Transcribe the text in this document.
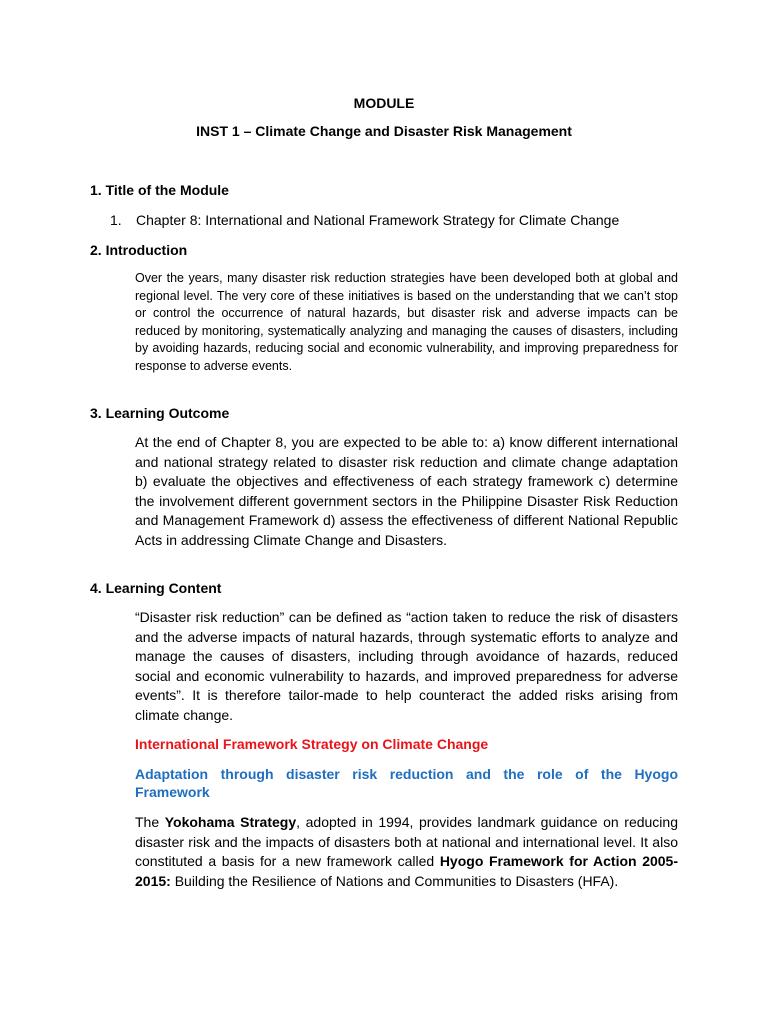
MODULE
INST 1 – Climate Change and Disaster Risk Management
1. Title of the Module
1. Chapter 8: International and National Framework Strategy for Climate Change
2. Introduction
Over the years, many disaster risk reduction strategies have been developed both at global and regional level. The very core of these initiatives is based on the understanding that we can’t stop or control the occurrence of natural hazards, but disaster risk and adverse impacts can be reduced by monitoring, systematically analyzing and managing the causes of disasters, including by avoiding hazards, reducing social and economic vulnerability, and improving preparedness for response to adverse events.
3. Learning Outcome
At the end of Chapter 8, you are expected to be able to: a) know different international and national strategy related to disaster risk reduction and climate change adaptation b) evaluate the objectives and effectiveness of each strategy framework c) determine the involvement different government sectors in the Philippine Disaster Risk Reduction and Management Framework d) assess the effectiveness of different National Republic Acts in addressing Climate Change and Disasters.
4. Learning Content
“Disaster risk reduction” can be defined as “action taken to reduce the risk of disasters and the adverse impacts of natural hazards, through systematic efforts to analyze and manage the causes of disasters, including through avoidance of hazards, reduced social and economic vulnerability to hazards, and improved preparedness for adverse events”. It is therefore tailor-made to help counteract the added risks arising from climate change.
International Framework Strategy on Climate Change
Adaptation through disaster risk reduction and the role of the Hyogo
Framework
The Yokohama Strategy, adopted in 1994, provides landmark guidance on reducing disaster risk and the impacts of disasters both at national and international level. It also constituted a basis for a new framework called Hyogo Framework for Action 2005-2015: Building the Resilience of Nations and Communities to Disasters (HFA).
